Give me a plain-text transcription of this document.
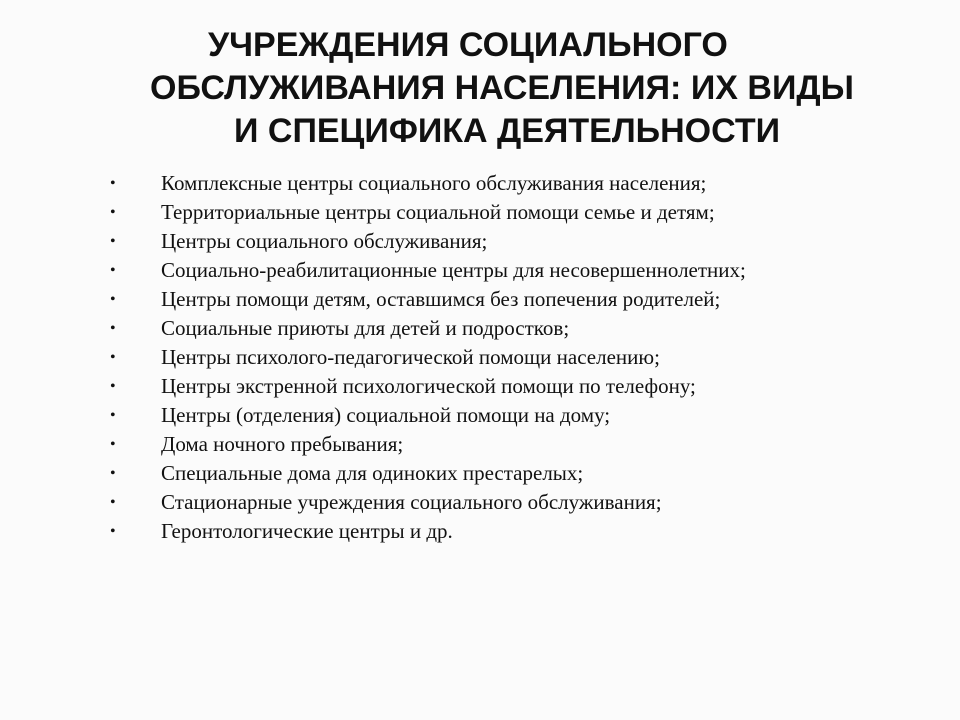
УЧРЕЖДЕНИЯ СОЦИАЛЬНОГО
ОБСЛУЖИВАНИЯ НАСЕЛЕНИЯ: ИХ ВИДЫ
И СПЕЦИФИКА ДЕЯТЕЛЬНОСТИ
• Комплексные центры социального обслуживания населения;
• Территориальные центры социальной помощи семье и детям;
• Центры социального обслуживания;
• Социально-реабилитационные центры для несовершеннолетних;
• Центры помощи детям, оставшимся без попечения родителей;
• Социальные приюты для детей и подростков;
• Центры психолого-педагогической помощи населению;
• Центры экстренной психологической помощи по телефону;
• Центры (отделения) социальной помощи на дому;
• Дома ночного пребывания;
• Специальные дома для одиноких престарелых;
• Стационарные учреждения социального обслуживания;
• Геронтологические центры и др.
